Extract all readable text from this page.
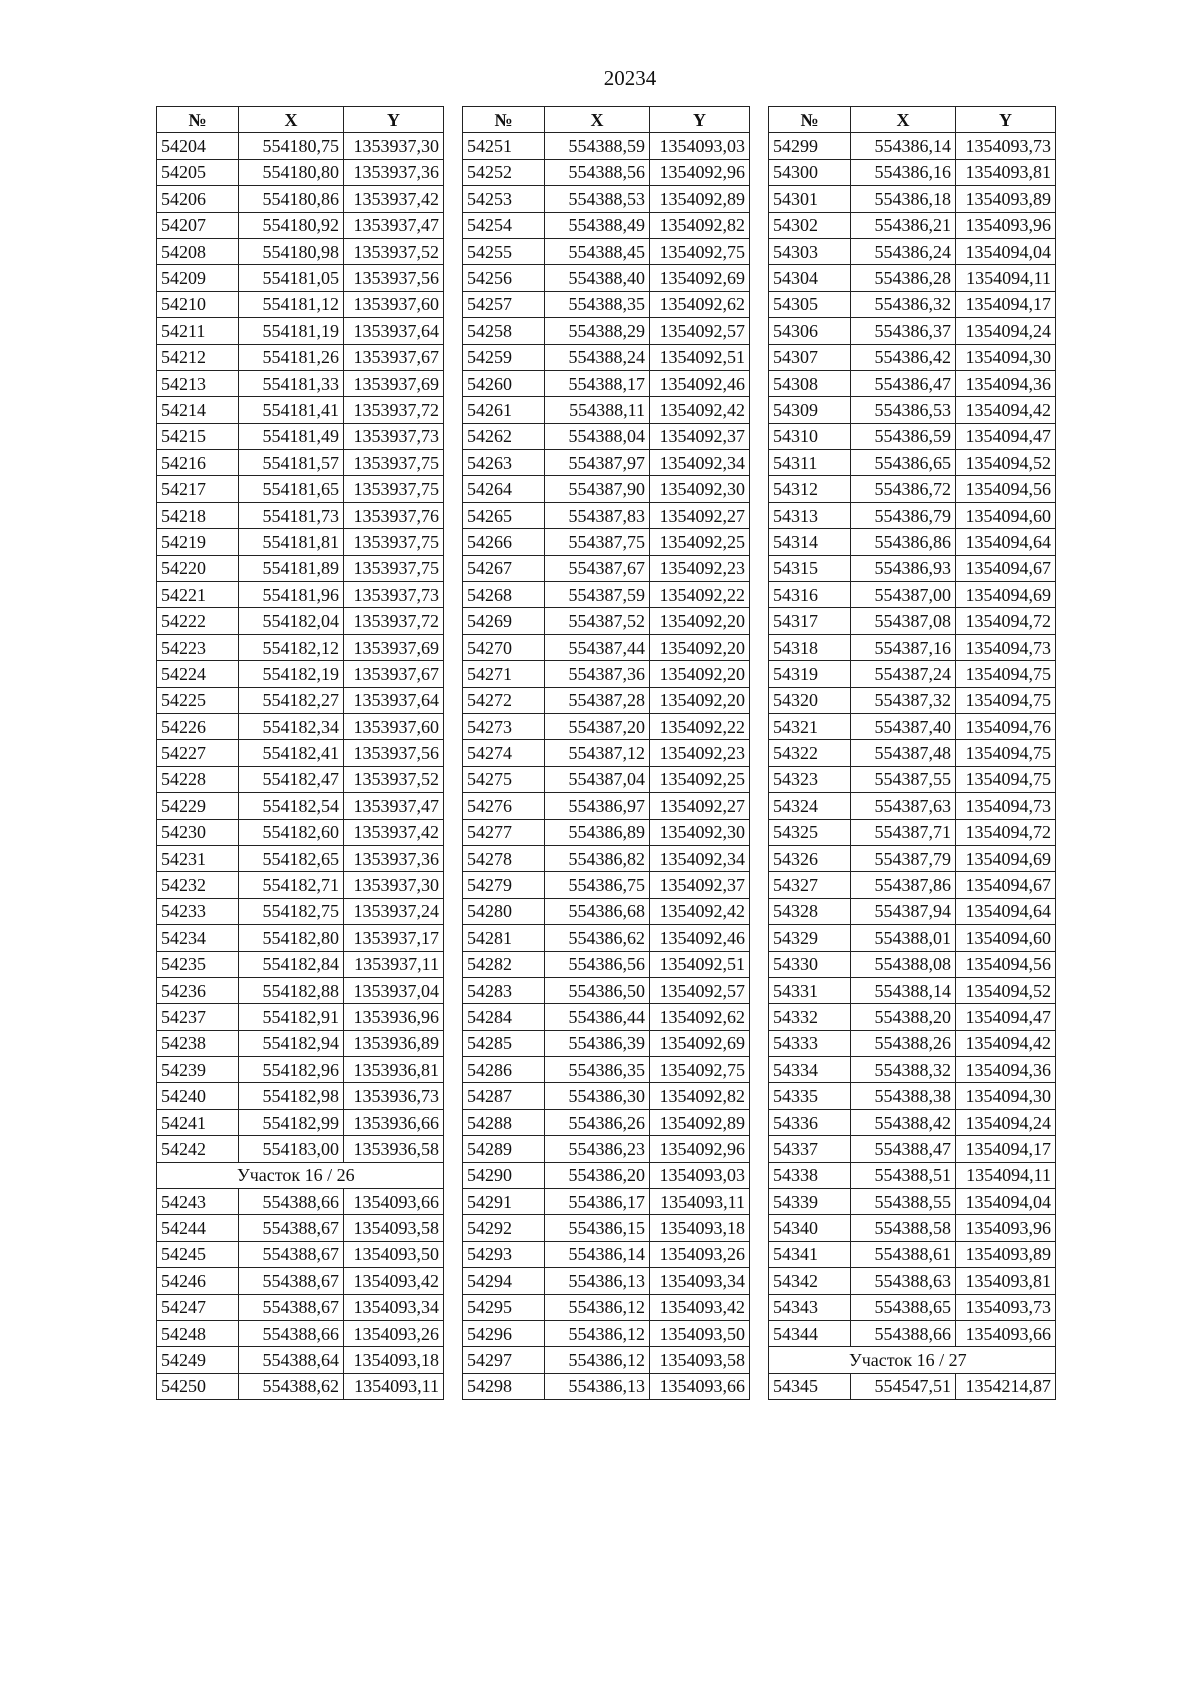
20234
№	X	Y
54204	554180,75	1353937,30
54205	554180,80	1353937,36
54206	554180,86	1353937,42
54207	554180,92	1353937,47
54208	554180,98	1353937,52
54209	554181,05	1353937,56
54210	554181,12	1353937,60
54211	554181,19	1353937,64
54212	554181,26	1353937,67
54213	554181,33	1353937,69
54214	554181,41	1353937,72
54215	554181,49	1353937,73
54216	554181,57	1353937,75
54217	554181,65	1353937,75
54218	554181,73	1353937,76
54219	554181,81	1353937,75
54220	554181,89	1353937,75
54221	554181,96	1353937,73
54222	554182,04	1353937,72
54223	554182,12	1353937,69
54224	554182,19	1353937,67
54225	554182,27	1353937,64
54226	554182,34	1353937,60
54227	554182,41	1353937,56
54228	554182,47	1353937,52
54229	554182,54	1353937,47
54230	554182,60	1353937,42
54231	554182,65	1353937,36
54232	554182,71	1353937,30
54233	554182,75	1353937,24
54234	554182,80	1353937,17
54235	554182,84	1353937,11
54236	554182,88	1353937,04
54237	554182,91	1353936,96
54238	554182,94	1353936,89
54239	554182,96	1353936,81
54240	554182,98	1353936,73
54241	554182,99	1353936,66
54242	554183,00	1353936,58
Участок 16 / 26		
54243	554388,66	1354093,66
54244	554388,67	1354093,58
54245	554388,67	1354093,50
54246	554388,67	1354093,42
54247	554388,67	1354093,34
54248	554388,66	1354093,26
54249	554388,64	1354093,18
54250	554388,62	1354093,11
№	X	Y
54251	554388,59	1354093,03
54252	554388,56	1354092,96
54253	554388,53	1354092,89
54254	554388,49	1354092,82
54255	554388,45	1354092,75
54256	554388,40	1354092,69
54257	554388,35	1354092,62
54258	554388,29	1354092,57
54259	554388,24	1354092,51
54260	554388,17	1354092,46
54261	554388,11	1354092,42
54262	554388,04	1354092,37
54263	554387,97	1354092,34
54264	554387,90	1354092,30
54265	554387,83	1354092,27
54266	554387,75	1354092,25
54267	554387,67	1354092,23
54268	554387,59	1354092,22
54269	554387,52	1354092,20
54270	554387,44	1354092,20
54271	554387,36	1354092,20
54272	554387,28	1354092,20
54273	554387,20	1354092,22
54274	554387,12	1354092,23
54275	554387,04	1354092,25
54276	554386,97	1354092,27
54277	554386,89	1354092,30
54278	554386,82	1354092,34
54279	554386,75	1354092,37
54280	554386,68	1354092,42
54281	554386,62	1354092,46
54282	554386,56	1354092,51
54283	554386,50	1354092,57
54284	554386,44	1354092,62
54285	554386,39	1354092,69
54286	554386,35	1354092,75
54287	554386,30	1354092,82
54288	554386,26	1354092,89
54289	554386,23	1354092,96
54290	554386,20	1354093,03
54291	554386,17	1354093,11
54292	554386,15	1354093,18
54293	554386,14	1354093,26
54294	554386,13	1354093,34
54295	554386,12	1354093,42
54296	554386,12	1354093,50
54297	554386,12	1354093,58
54298	554386,13	1354093,66
№	X	Y
54299	554386,14	1354093,73
54300	554386,16	1354093,81
54301	554386,18	1354093,89
54302	554386,21	1354093,96
54303	554386,24	1354094,04
54304	554386,28	1354094,11
54305	554386,32	1354094,17
54306	554386,37	1354094,24
54307	554386,42	1354094,30
54308	554386,47	1354094,36
54309	554386,53	1354094,42
54310	554386,59	1354094,47
54311	554386,65	1354094,52
54312	554386,72	1354094,56
54313	554386,79	1354094,60
54314	554386,86	1354094,64
54315	554386,93	1354094,67
54316	554387,00	1354094,69
54317	554387,08	1354094,72
54318	554387,16	1354094,73
54319	554387,24	1354094,75
54320	554387,32	1354094,75
54321	554387,40	1354094,76
54322	554387,48	1354094,75
54323	554387,55	1354094,75
54324	554387,63	1354094,73
54325	554387,71	1354094,72
54326	554387,79	1354094,69
54327	554387,86	1354094,67
54328	554387,94	1354094,64
54329	554388,01	1354094,60
54330	554388,08	1354094,56
54331	554388,14	1354094,52
54332	554388,20	1354094,47
54333	554388,26	1354094,42
54334	554388,32	1354094,36
54335	554388,38	1354094,30
54336	554388,42	1354094,24
54337	554388,47	1354094,17
54338	554388,51	1354094,11
54339	554388,55	1354094,04
54340	554388,58	1354093,96
54341	554388,61	1354093,89
54342	554388,63	1354093,81
54343	554388,65	1354093,73
54344	554388,66	1354093,66
Участок 16 / 27		
54345	554547,51	1354214,87
